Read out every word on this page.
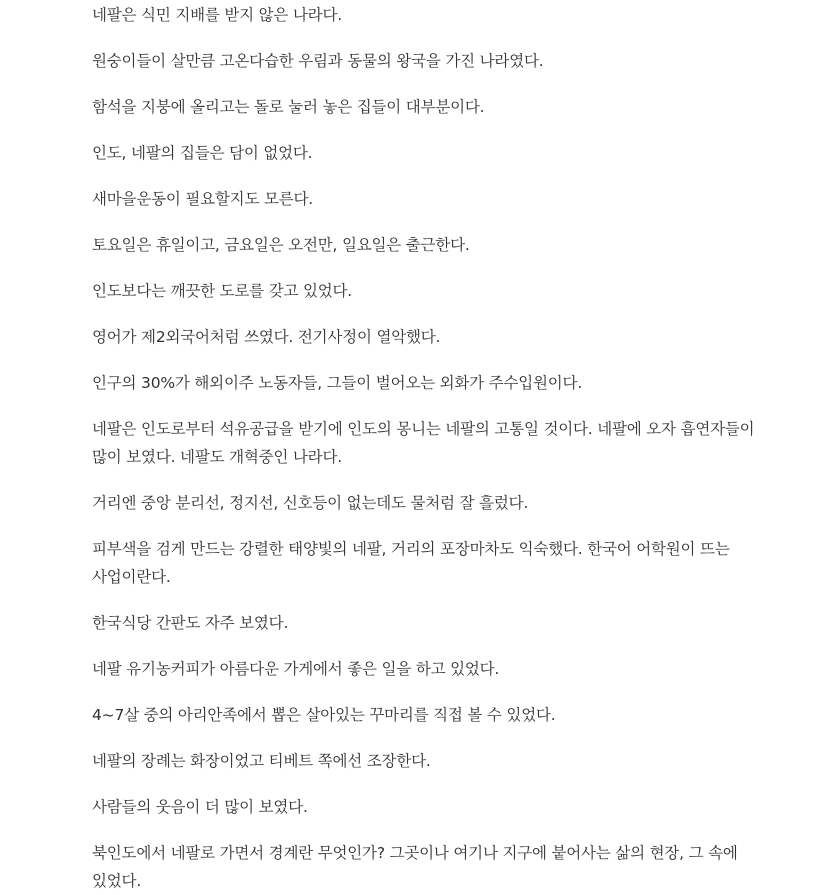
네팔은 식민 지배를 받지 않은 나라다.

원숭이들이 살만큼 고온다습한 우림과 동물의 왕국을 가진 나라였다.

함석을 지붕에 올리고는 돌로 눌러 놓은 집들이 대부분이다.

인도, 네팔의 집들은 담이 없었다.

새마을운동이 필요할지도 모른다.

토요일은 휴일이고, 금요일은 오전만, 일요일은 출근한다.

인도보다는 깨끗한 도로를 갖고 있었다.

영어가 제2외국어처럼 쓰였다. 전기사정이 열악했다.

인구의 30%가 해외이주 노동자들, 그들이 벌어오는 외화가 주수입원이다.

네팔은 인도로부터 석유공급을 받기에 인도의 몽니는 네팔의 고통일 것이다. 네팔에 오자 흡연자들이 많이 보였다. 네팔도 개혁중인 나라다.

거리엔 중앙 분리선, 정지선, 신호등이 없는데도 물처럼 잘 흘렀다.

피부색을 검게 만드는 강렬한 태양빛의 네팔, 거리의 포장마차도 익숙했다. 한국어 어학원이 뜨는 사업이란다.

한국식당 간판도 자주 보였다.

네팔 유기농커피가 아름다운 가게에서 좋은 일을 하고 있었다.

4~7살 중의 아리안족에서 뽑은 살아있는 꾸마리를 직접 볼 수 있었다.

네팔의 장례는 화장이었고 티베트 쪽에선 조장한다.

사람들의 웃음이 더 많이 보였다.

북인도에서 네팔로 가면서 경계란 무엇인가? 그곳이나 여기나 지구에 붙어사는 삶의 현장, 그 속에 있었다.
